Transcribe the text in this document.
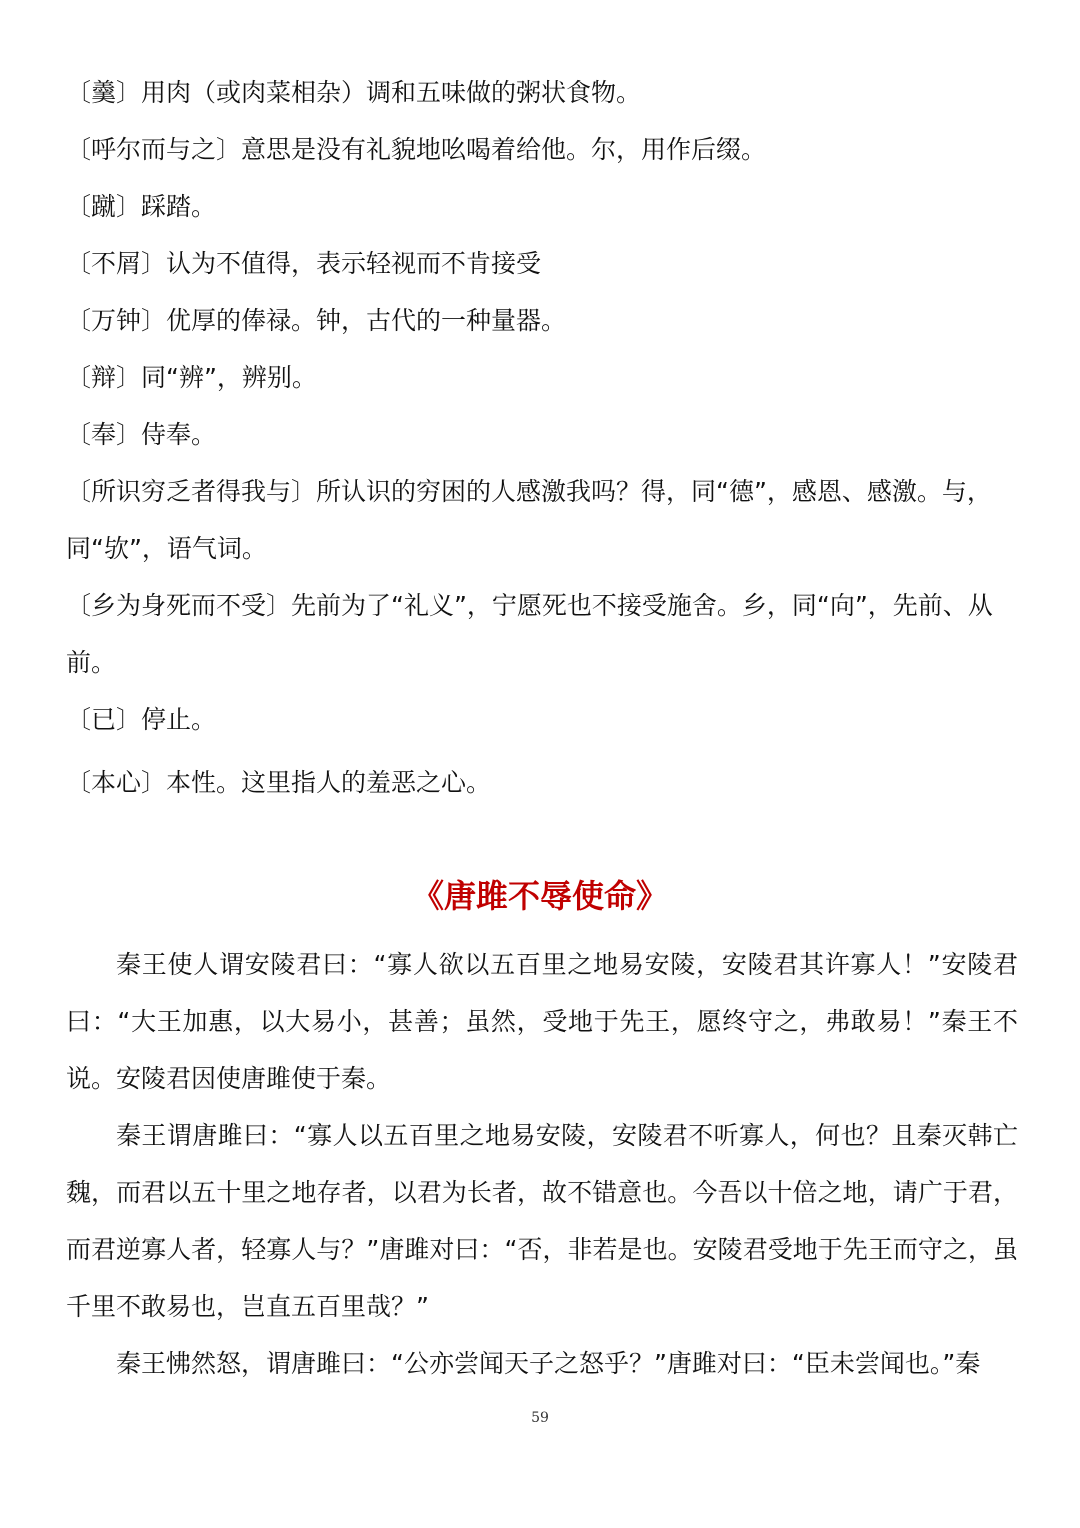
〔羹〕用肉（或肉菜相杂）调和五味做的粥状食物。

〔呼尔而与之〕意思是没有礼貌地吆喝着给他。尔，用作后缀。

〔蹴〕踩踏。

〔不屑〕认为不值得，表示轻视而不肯接受

〔万钟〕优厚的俸禄。钟，古代的一种量器。

〔辩〕同“辨”，辨别。

〔奉〕侍奉。

〔所识穷乏者得我与〕所认识的穷困的人感激我吗？得，同“德”，感恩、感激。与，同“欤”，语气词。

〔乡为身死而不受〕先前为了“礼义”，宁愿死也不接受施舍。乡，同“向”，先前、从前。

〔已〕停止。

〔本心〕本性。这里指人的羞恶之心。

《唐雎不辱使命》

秦王使人谓安陵君曰：“寡人欲以五百里之地易安陵，安陵君其许寡人！”安陵君曰：“大王加惠，以大易小，甚善；虽然，受地于先王，愿终守之，弗敢易！”秦王不说。安陵君因使唐雎使于秦。

秦王谓唐雎曰：“寡人以五百里之地易安陵，安陵君不听寡人，何也？且秦灭韩亡魏，而君以五十里之地存者，以君为长者，故不错意也。今吾以十倍之地，请广于君，而君逆寡人者，轻寡人与？”唐雎对曰：“否，非若是也。安陵君受地于先王而守之，虽千里不敢易也，岂直五百里哉？”

秦王怫然怒，谓唐雎曰：“公亦尝闻天子之怒乎？”唐雎对曰：“臣未尝闻也。”秦

59
